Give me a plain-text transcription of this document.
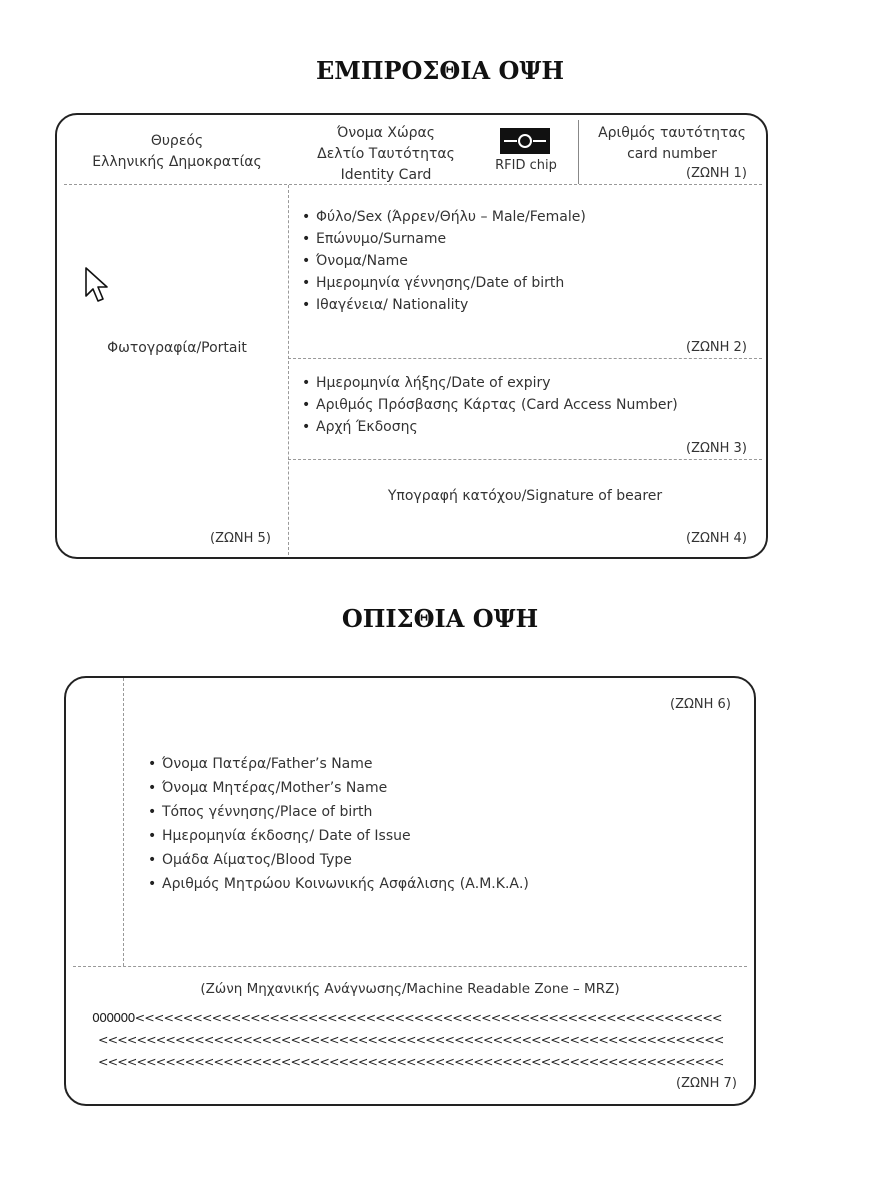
ΕΜΠΡΟΣΘΙΑ ΟΨΗ
Θυρεός
Ελληνικής Δημοκρατίας
Όνομα Χώρας
Δελτίο Ταυτότητας
Identity Card
RFID chip
Αριθμός ταυτότητας
card number
(ΖΩΝΗ 1)
Φωτογραφία/Portait
(ΖΩΝΗ 5)
• Φύλο/Sex (Άρρεν/Θήλυ – Male/Female)
• Επώνυμο/Surname
• Όνομα/Name
• Ημερομηνία γέννησης/Date of birth
• Ιθαγένεια/ Nationality
(ΖΩΝΗ 2)
• Ημερομηνία λήξης/Date of expiry
• Αριθμός Πρόσβασης Κάρτας (Card Access Number)
• Αρχή Έκδοσης
(ΖΩΝΗ 3)
Υπογραφή κατόχου/Signature of bearer
(ΖΩΝΗ 4)
ΟΠΙΣΘΙΑ ΟΨΗ
(ΖΩΝΗ 6)
• Όνομα Πατέρα/Father’s Name
• Όνομα Μητέρας/Mother’s Name
• Τόπος γέννησης/Place of birth
• Ημερομηνία έκδοσης/ Date of Issue
• Ομάδα Αίματος/Blood Type
• Αριθμός Μητρώου Κοινωνικής Ασφάλισης (Α.Μ.Κ.Α.)
(Ζώνη Μηχανικής Ανάγνωσης/Machine Readable Zone – MRZ)
000000<<<<<<<<<<<<<<<<<<<<<<<<<<<<<<<<<<<<<<<<<<<<<<<<<<<<<<<<<<<<<
<<<<<<<<<<<<<<<<<<<<<<<<<<<<<<<<<<<<<<<<<<<<<<<<<<<<<<<<<<<<<<<<<
<<<<<<<<<<<<<<<<<<<<<<<<<<<<<<<<<<<<<<<<<<<<<<<<<<<<<<<<<<<<<<<<<
(ΖΩΝΗ 7)
